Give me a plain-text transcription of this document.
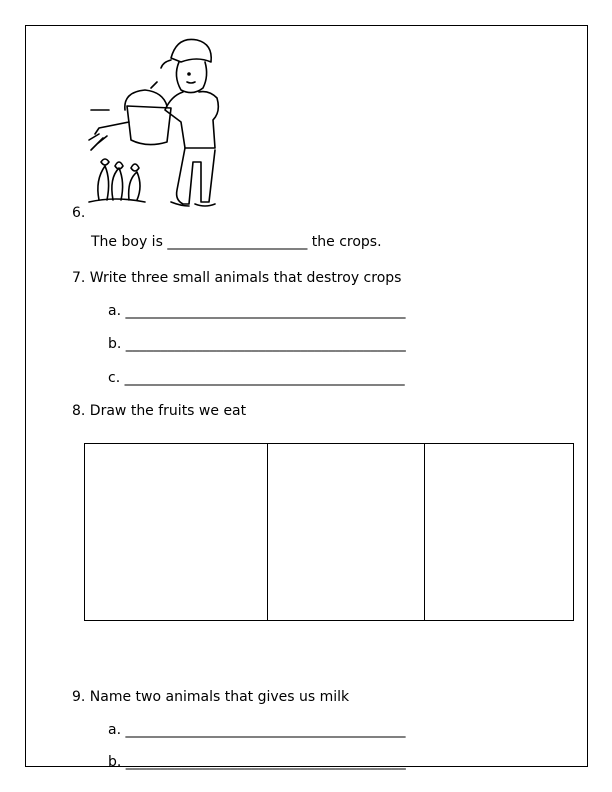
6.
The boy is ____________________ the crops.
7. Write three small animals that destroy crops
a. ________________________________________
b. ________________________________________
c. ________________________________________
8. Draw the fruits we eat
9. Name two animals that gives us milk
a. ________________________________________
b. ________________________________________
